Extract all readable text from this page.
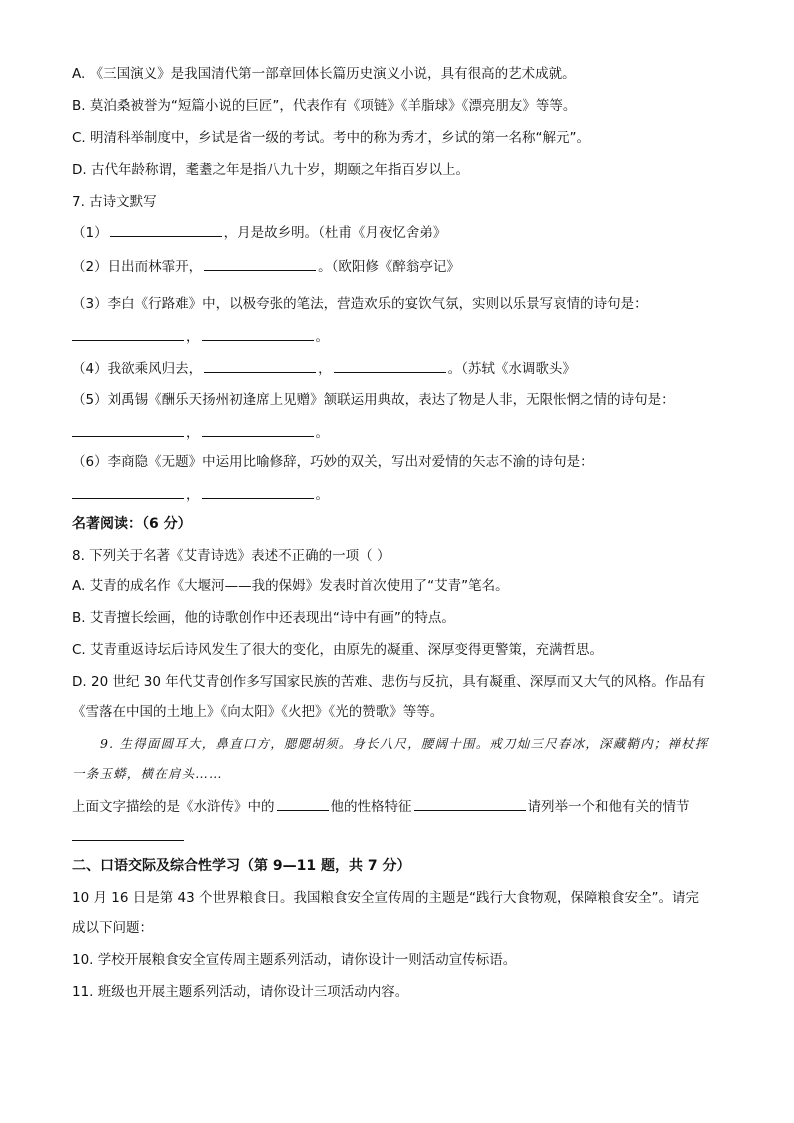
A. 《三国演义》是我国清代第一部章回体长篇历史演义小说，具有很高的艺术成就。
B. 莫泊桑被誉为“短篇小说的巨匠”，代表作有《项链》《羊脂球》《漂亮朋友》等等。
C. 明清科举制度中，乡试是省一级的考试。考中的称为秀才，乡试的第一名称“解元”。
D. 古代年龄称谓，耄耋之年是指八九十岁，期颐之年指百岁以上。
7. 古诗文默写
（1）	，月是故乡明。（杜甫《月夜忆舍弟》
（2）日出而林霏开，	。（欧阳修《醉翁亭记》
（3）李白《行路难》中，以极夸张的笔法，营造欢乐的宴饮气氛，实则以乐景写哀情的诗句是：
，	。
（4）我欲乘风归去，	，	。（苏轼《水调歌头》
（5）刘禹锡《酬乐天扬州初逢席上见赠》颔联运用典故，表达了物是人非，无限怅惘之情的诗句是：
，	。
（6）李商隐《无题》中运用比喻修辞，巧妙的双关，写出对爱情的矢志不渝的诗句是：
，	。
名著阅读：（6 分）
8. 下列关于名著《艾青诗选》表述不正确的一项（ ）
A. 艾青的成名作《大堰河——我的保姆》发表时首次使用了“艾青”笔名。
B. 艾青擅长绘画，他的诗歌创作中还表现出“诗中有画”的特点。
C. 艾青重返诗坛后诗风发生了很大的变化，由原先的凝重、深厚变得更警策，充满哲思。
D. 20 世纪 30 年代艾青创作多写国家民族的苦难、悲伤与反抗，具有凝重、深厚而又大气的风格。作品有
《雪落在中国的土地上》《向太阳》《火把》《光的赞歌》等等。
9. 生得面圆耳大，鼻直口方，腮腮胡须。身长八尺，腰阔十围。戒刀灿三尺春冰，深藏鞘内；禅杖挥
一条玉蟒，横在肩头……
上面文字描绘的是《水浒传》中的	他的性格特征	请列举一个和他有关的情节
二、口语交际及综合性学习（第 9—11 题，共 7 分）
10 月 16 日是第 43 个世界粮食日。我国粮食安全宣传周的主题是“践行大食物观，保障粮食安全”。请完
成以下问题：
10. 学校开展粮食安全宣传周主题系列活动，请你设计一则活动宣传标语。
11. 班级也开展主题系列活动，请你设计三项活动内容。
